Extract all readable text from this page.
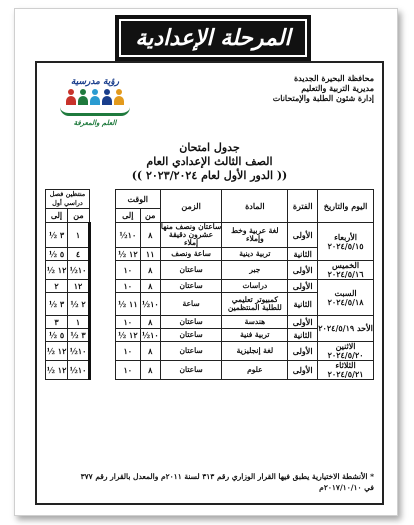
المرحلة الإعدادية
محافظة البحيرة الجديدة
مديرية التربية والتعليم
إدارة شئون الطلبة والإمتحانات
رؤية مدرسية
العلم والمعرفة
جدول امتحان
الصف الثالث الإعدادي العام
(( الدور الأول لعام ٢٠٢٣/٢٠٢٤ ))
اليوم والتاريخ	الفترة	المادة	الزمن	الوقت			منتظين فصل دراسي أول	
				من	إلى		من	إلى
الأربعاء ٢٠٢٤/٥/١٥	الأولى	لغة عربية وخط وإملاء	ساعتان ونصف منها عشرون دقيقة إملاء	٨	١٠½		١	٣ ½
	الثانية	تربية دينية	ساعة ونصف	١١	١٢ ½		٤	٥ ½
الخميس ٢٠٢٤/٥/١٦	الأولى	جبر	ساعتان	٨	١٠		١٠½	١٢ ½
السبت ٢٠٢٤/٥/١٨	الأولى	دراسات	ساعتان	٨	١٠		١٢	٢
	الثانية	كمبيوتر تعليمي للطلبة المنتظمين	ساعة	١٠½	١١ ½		٢ ½	٣ ½
الأحد ٢٠٢٤/٥/١٩	الأولى	هندسة	ساعتان	٨	١٠		١	٣
	الثانية	تربية فنية	ساعتان	١٠½	١٢ ½		٣ ½	٥ ½
الاثنين ٢٠٢٤/٥/٢٠	الأولى	لغة إنجليزية	ساعتان	٨	١٠		١٠½	١٢ ½
الثلاثاء ٢٠٢٤/٥/٢١	الأولى	علوم	ساعتان	٨	١٠		١٠½	١٢ ½
* الأنشطة الاختيارية يطبق فيها القرار الوزاري رقم ٣١٣ لسنة ٢٠١١م والمعدل بالقرار رقم ٣٧٧
في ٢٠١٧/١٠/١٠م
